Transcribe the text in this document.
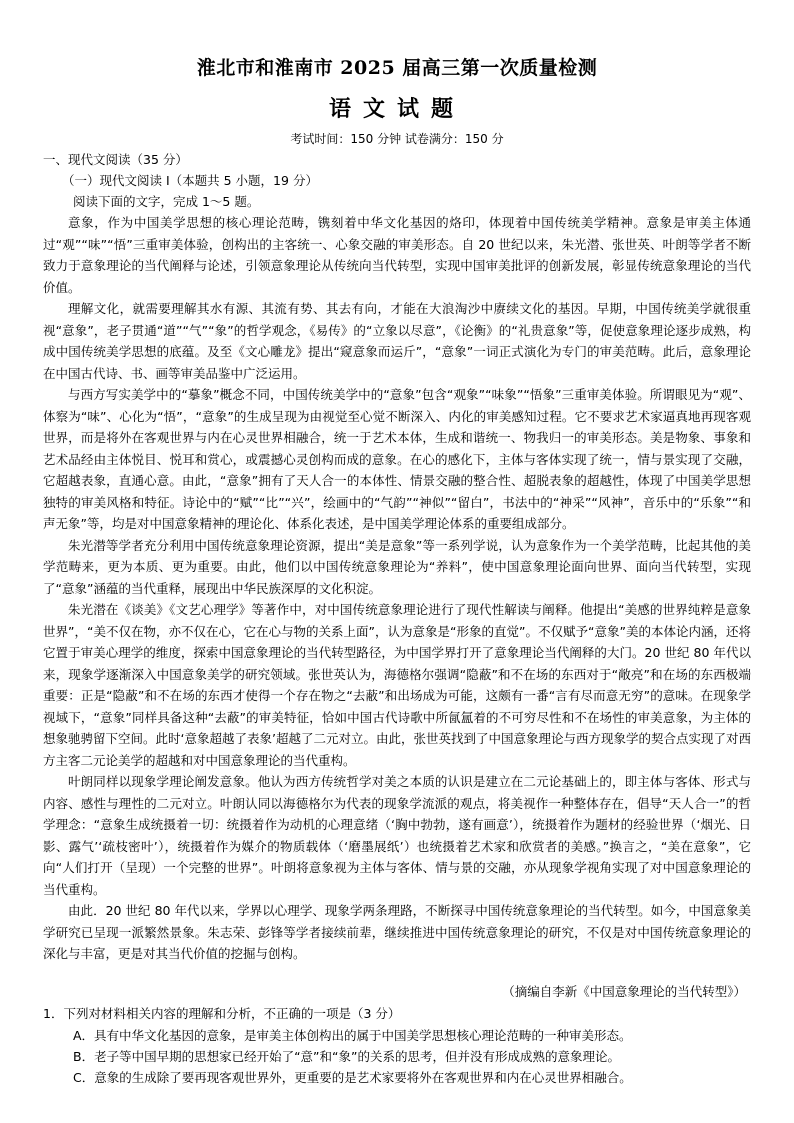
淮北市和淮南市 2025 届高三第一次质量检测
语文试题
考试时间：150 分钟 试卷满分：150 分
一、现代文阅读（35 分）
（一）现代文阅读 I（本题共 5 小题，19 分）
阅读下面的文字，完成 1～5 题。

意象，作为中国美学思想的核心理论范畴，镌刻着中华文化基因的烙印，体现着中国传统美学精神。意象是审美主体通过“观”“味”“悟”三重审美体验，创构出的主客统一、心象交融的审美形态。自 20 世纪以来，朱光潜、张世英、叶朗等学者不断致力于意象理论的当代阐释与论述，引领意象理论从传统向当代转型，实现中国审美批评的创新发展，彰显传统意象理论的当代价值。

理解文化，就需要理解其水有源、其流有势、其去有向，才能在大浪淘沙中赓续文化的基因。早期，中国传统美学就很重视“意象”，老子贯通“道”“气”“象”的哲学观念，《易传》的“立象以尽意”，《论衡》的“礼贵意象”等，促使意象理论逐步成熟，构成中国传统美学思想的底蕴。及至《文心雕龙》提出“窥意象而运斤”，“意象”一词正式演化为专门的审美范畴。此后，意象理论在中国古代诗、书、画等审美品鉴中广泛运用。

与西方写实美学中的“摹象”概念不同，中国传统美学中的“意象”包含“观象”“味象”“悟象”三重审美体验。所谓眼见为“观”、体察为“味”、心化为“悟”，“意象”的生成呈现为由视觉至心觉不断深入、内化的审美感知过程。它不要求艺术家逼真地再现客观世界，而是将外在客观世界与内在心灵世界相融合，统一于艺术本体，生成和谐统一、物我归一的审美形态。美是物象、事象和艺术品经由主体悦目、悦耳和赏心，或震撼心灵创构而成的意象。在心的感化下，主体与客体实现了统一，情与景实现了交融，它超越表象，直通心意。由此，“意象”拥有了天人合一的本体性、情景交融的整合性、超脱表象的超越性，体现了中国美学思想独特的审美风格和特征。诗论中的“赋”“比”“兴”，绘画中的“气韵”“神似”“留白”，书法中的“神采”“风神”，音乐中的“乐象”“和声无象”等，均是对中国意象精神的理论化、体系化表述，是中国美学理论体系的重要组成部分。

朱光潜等学者充分利用中国传统意象理论资源，提出“美是意象”等一系列学说，认为意象作为一个美学范畴，比起其他的美学范畴来，更为本质、更为重要。由此，他们以中国传统意象理论为“养料”，使中国意象理论面向世界、面向当代转型，实现了“意象”涵蕴的当代重释，展现出中华民族深厚的文化积淀。

朱光潜在《谈美》《文艺心理学》等著作中，对中国传统意象理论进行了现代性解读与阐释。他提出“美感的世界纯粹是意象世界”，“美不仅在物，亦不仅在心，它在心与物的关系上面”，认为意象是“形象的直觉”。不仅赋予“意象”美的本体论内涵，还将它置于审美心理学的维度，探索中国意象理论的当代转型路径，为中国学界打开了意象理论当代阐释的大门。20 世纪 80 年代以来，现象学逐渐深入中国意象美学的研究领域。张世英认为，海德格尔强调“隐蔽”和不在场的东西对于“敞亮”和在场的东西极端重要：正是“隐蔽”和不在场的东西才使得一个存在物之“去蔽”和出场成为可能，这颇有一番“言有尽而意无穷”的意味。在现象学视域下，“意象”同样具备这种“去蔽”的审美特征，恰如中国古代诗歌中所氤氲着的不可穷尽性和不在场性的审美意象，为主体的想象驰骋留下空间。此时‘意象超越了表象’超越了二元对立。由此，张世英找到了中国意象理论与西方现象学的契合点实现了对西方主客二元论美学的超越和对中国意象理论的当代重构。

叶朗同样以现象学理论阐发意象。他认为西方传统哲学对美之本质的认识是建立在二元论基础上的，即主体与客体、形式与内容、感性与理性的二元对立。叶朗认同以海德格尔为代表的现象学流派的观点，将美视作一种整体存在，倡导“天人合一”的哲学理念：“意象生成统摄着一切：统摄着作为动机的心理意绪（‘胸中勃勃，遂有画意’），统摄着作为题材的经验世界（‘烟光、日影、露气’‘疏枝密叶’），统摄着作为媒介的物质载体（‘磨墨展纸’）也统摄着艺术家和欣赏者的美感。”换言之，“美在意象”，它向“人们打开（呈现）一个完整的世界”。叶朗将意象视为主体与客体、情与景的交融，亦从现象学视角实现了对中国意象理论的当代重构。

由此．20 世纪 80 年代以来，学界以心理学、现象学两条理路，不断探寻中国传统意象理论的当代转型。如今，中国意象美学研究已呈现一派繁然景象。朱志荣、彭锋等学者接续前辈，继续推进中国传统意象理论的研究，不仅是对中国传统意象理论的深化与丰富，更是对其当代价值的挖掘与创构。

（摘编自李新《中国意象理论的当代转型》）
1．下列对材料相关内容的理解和分析，不正确的一项是（3 分）
A．具有中华文化基因的意象，是审美主体创构出的属于中国美学思想核心理论范畴的一种审美形态。
B．老子等中国早期的思想家已经开始了“意”和“象”的关系的思考，但并没有形成成熟的意象理论。
C．意象的生成除了要再现客观世界外，更重要的是艺术家要将外在客观世界和内在心灵世界相融合。
